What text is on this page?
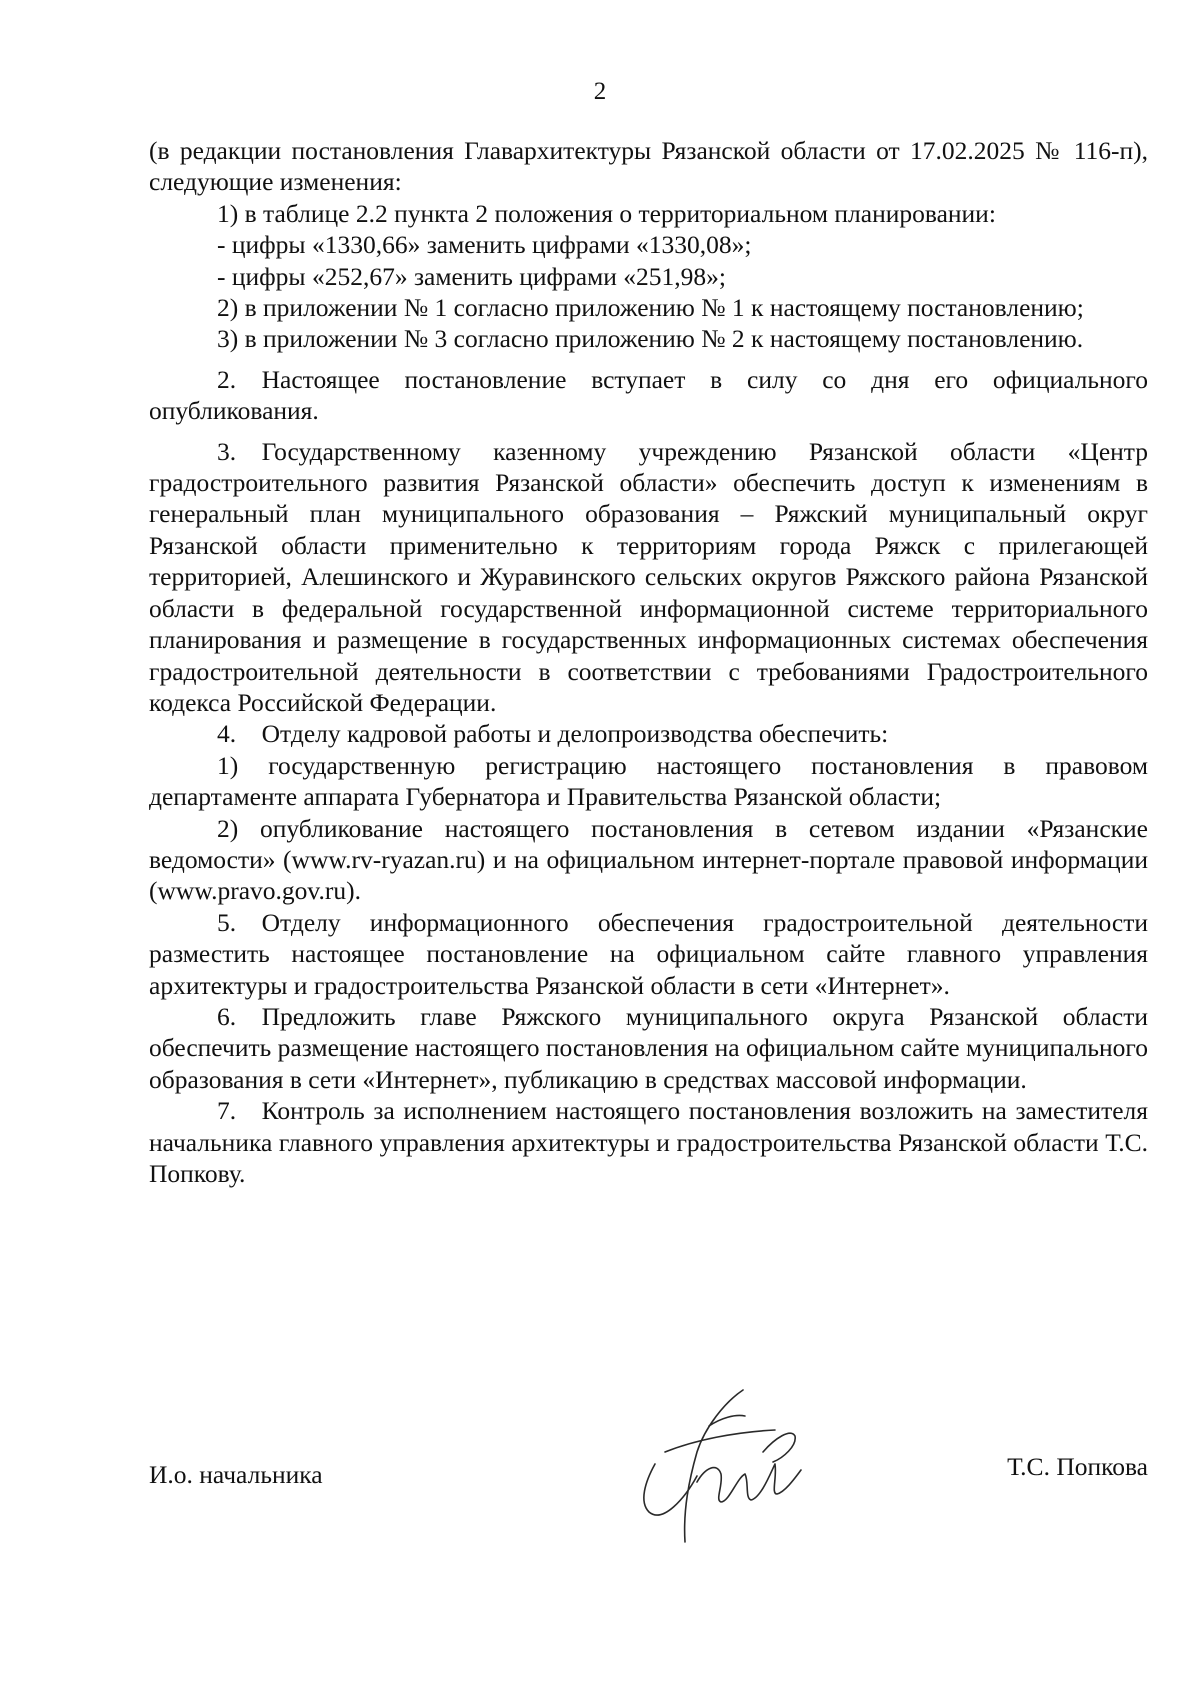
2

(в редакции постановления Главархитектуры Рязанской области от 17.02.2025 № 116-п), следующие изменения:

1) в таблице 2.2 пункта 2 положения о территориальном планировании:

- цифры «1330,66» заменить цифрами «1330,08»;

- цифры «252,67» заменить цифрами «251,98»;

2) в приложении № 1 согласно приложению № 1 к настоящему постановлению;

3) в приложении № 3 согласно приложению № 2 к настоящему постановлению.

2. Настоящее постановление вступает в силу со дня его официального опубликования.

3. Государственному казенному учреждению Рязанской области «Центр градостроительного развития Рязанской области» обеспечить доступ к изменениям в генеральный план муниципального образования – Ряжский муниципальный округ Рязанской области применительно к территориям города Ряжск с прилегающей территорией, Алешинского и Журавинского сельских округов Ряжского района Рязанской области в федеральной государственной информационной системе территориального планирования и размещение в государственных информационных системах обеспечения градостроительной деятельности в соответствии с требованиями Градостроительного кодекса Российской Федерации.

4. Отделу кадровой работы и делопроизводства обеспечить:

1) государственную регистрацию настоящего постановления в правовом департаменте аппарата Губернатора и Правительства Рязанской области;

2) опубликование настоящего постановления в сетевом издании «Рязанские ведомости» (www.rv-ryazan.ru) и на официальном интернет-портале правовой информации (www.pravo.gov.ru).

5. Отделу информационного обеспечения градостроительной деятельности разместить настоящее постановление на официальном сайте главного управления архитектуры и градостроительства Рязанской области в сети «Интернет».

6. Предложить главе Ряжского муниципального округа Рязанской области обеспечить размещение настоящего постановления на официальном сайте муниципального образования в сети «Интернет», публикацию в средствах массовой информации.

7. Контроль за исполнением настоящего постановления возложить на заместителя начальника главного управления архитектуры и градостроительства Рязанской области Т.С. Попкову.

И.о. начальника	Т.С. Попкова
